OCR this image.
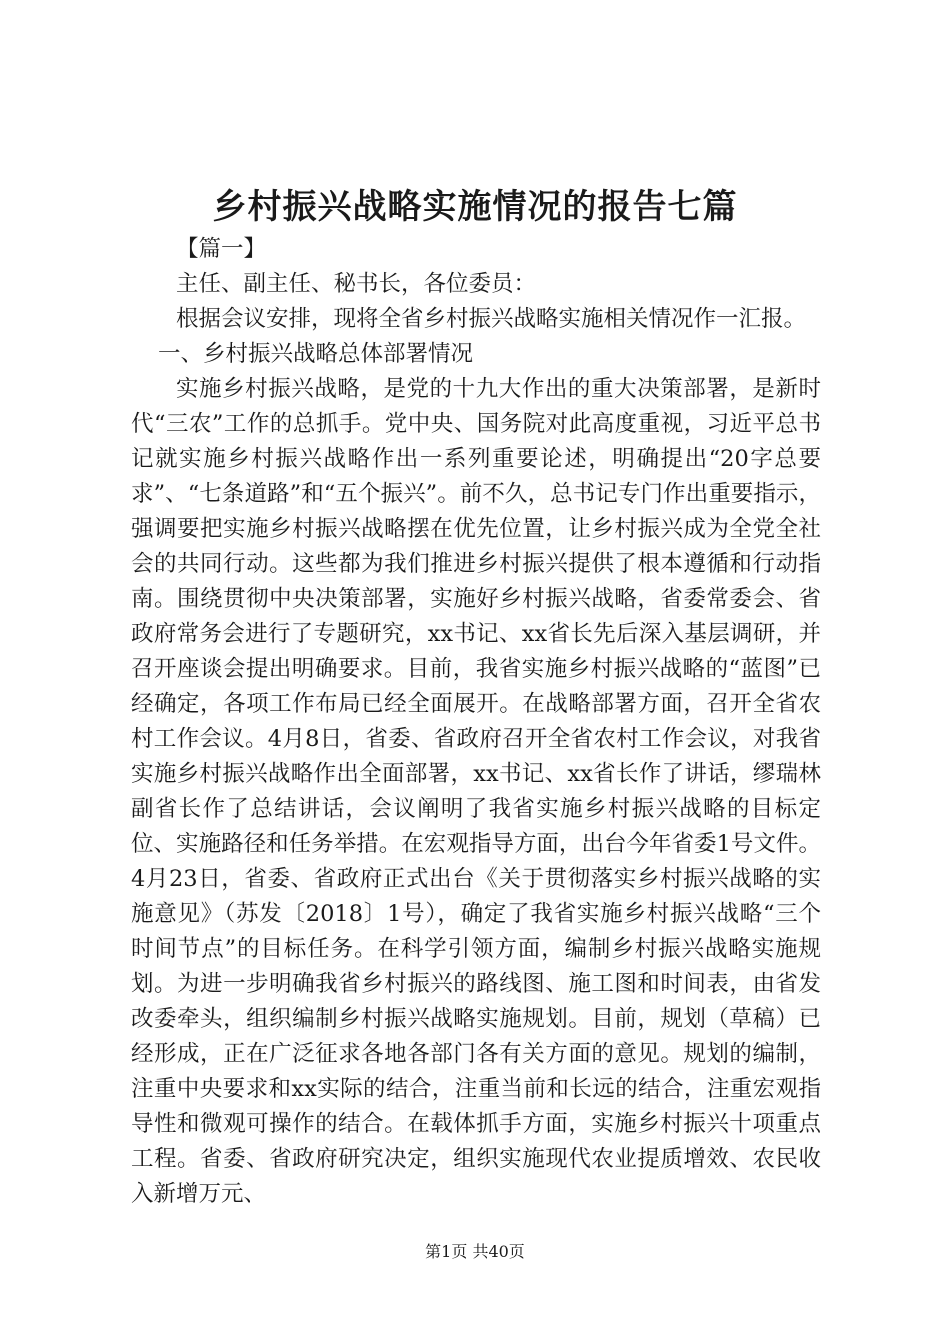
乡村振兴战略实施情况的报告七篇

【篇一】

主任、副主任、秘书长，各位委员：

根据会议安排，现将全省乡村振兴战略实施相关情况作一汇报。

一、乡村振兴战略总体部署情况

实施乡村振兴战略，是党的十九大作出的重大决策部署，是新时代“三农”工作的总抓手。党中央、国务院对此高度重视，习近平总书记就实施乡村振兴战略作出一系列重要论述，明确提出“20字总要求”、“七条道路”和“五个振兴”。前不久，总书记专门作出重要指示，强调要把实施乡村振兴战略摆在优先位置，让乡村振兴成为全党全社会的共同行动。这些都为我们推进乡村振兴提供了根本遵循和行动指南。围绕贯彻中央决策部署，实施好乡村振兴战略，省委常委会、省政府常务会进行了专题研究，xx书记、xx省长先后深入基层调研，并召开座谈会提出明确要求。目前，我省实施乡村振兴战略的“蓝图”已经确定，各项工作布局已经全面展开。在战略部署方面，召开全省农村工作会议。4月8日，省委、省政府召开全省农村工作会议，对我省实施乡村振兴战略作出全面部署，xx书记、xx省长作了讲话，缪瑞林副省长作了总结讲话，会议阐明了我省实施乡村振兴战略的目标定位、实施路径和任务举措。在宏观指导方面，出台今年省委1号文件。4月23日，省委、省政府正式出台《关于贯彻落实乡村振兴战略的实施意见》（苏发〔2018〕1号），确定了我省实施乡村振兴战略“三个时间节点”的目标任务。在科学引领方面，编制乡村振兴战略实施规划。为进一步明确我省乡村振兴的路线图、施工图和时间表，由省发改委牵头，组织编制乡村振兴战略实施规划。目前，规划（草稿）已经形成，正在广泛征求各地各部门各有关方面的意见。规划的编制，注重中央要求和xx实际的结合，注重当前和长远的结合，注重宏观指导性和微观可操作的结合。在载体抓手方面，实施乡村振兴十项重点工程。省委、省政府研究决定，组织实施现代农业提质增效、农民收入新增万元、

第1页 共40页
